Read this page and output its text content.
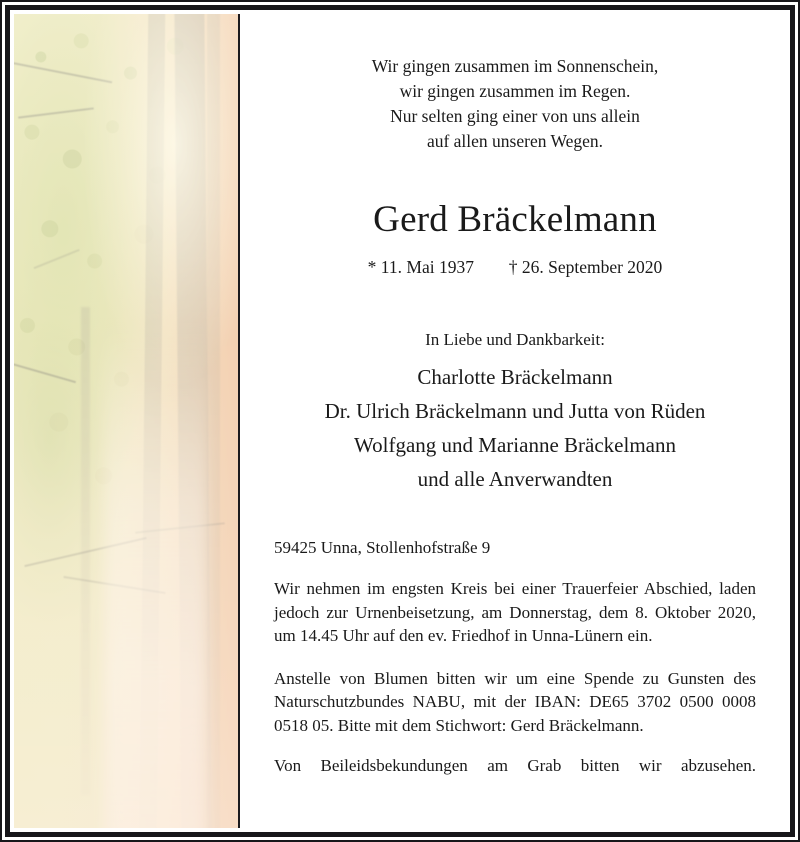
Wir gingen zusammen im Sonnenschein,
wir gingen zusammen im Regen.
Nur selten ging einer von uns allein
auf allen unseren Wegen.
Gerd Bräckelmann
* 11. Mai 1937 † 26. September 2020
In Liebe und Dankbarkeit:
Charlotte Bräckelmann
Dr. Ulrich Bräckelmann und Jutta von Rüden
Wolfgang und Marianne Bräckelmann
und alle Anverwandten
59425 Unna, Stollenhofstraße 9
Wir nehmen im engsten Kreis bei einer Trauerfeier Abschied, laden jedoch zur Urnenbeisetzung, am Donnerstag, dem 8. Oktober 2020, um 14.45 Uhr auf den ev. Friedhof in Unna-Lünern ein.
Anstelle von Blumen bitten wir um eine Spende zu Gunsten des Naturschutzbundes NABU, mit der IBAN: DE65 3702 0500 0008 0518 05. Bitte mit dem Stichwort: Gerd Bräckelmann.
Von Beileidsbekundungen am Grab bitten wir abzusehen.
